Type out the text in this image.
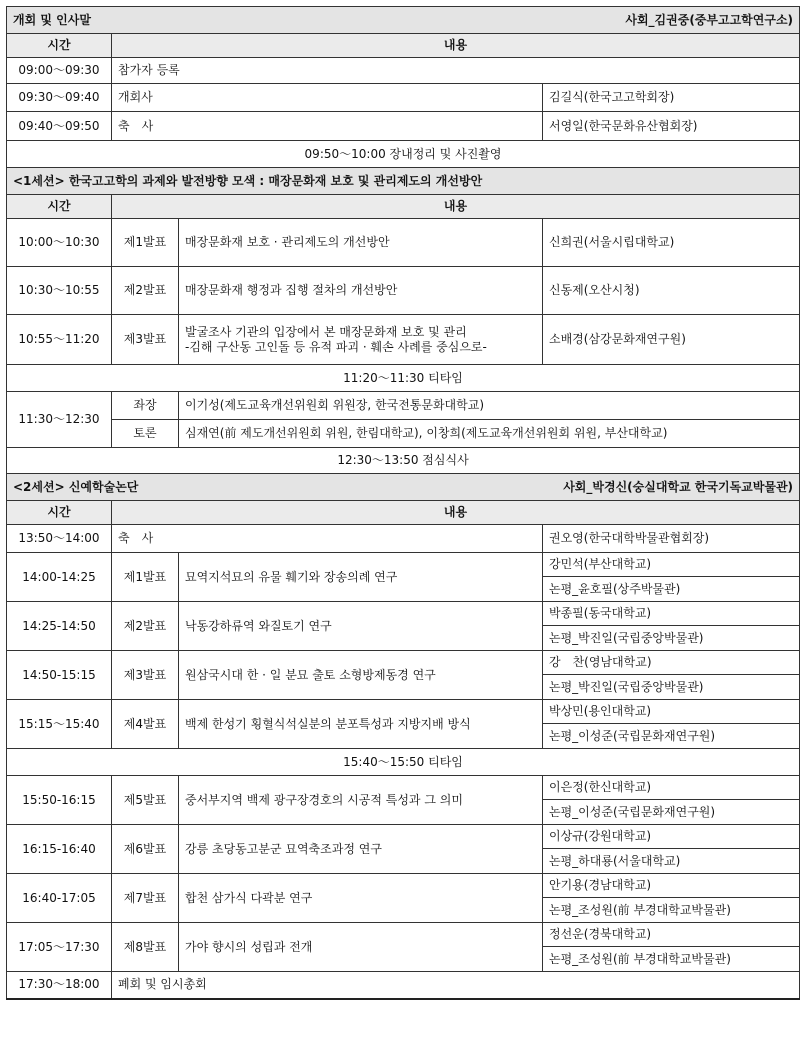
개회 및 인사말 사회_김권중(중부고고학연구소)			

시간	내용		
09:00～09:30	참가자 등록		
09:30～09:40	개회사		김길식(한국고고학회장)
09:40～09:50	축　사		서영일(한국문화유산협회장)
09:50～10:00 장내정리 및 사진촬영			
<1세션> 한국고고학의 과제와 발전방향 모색 : 매장문화재 보호 및 관리제도의 개선방안			
시간	내용		
10:00～10:30	제1발표	매장문화재 보호 · 관리제도의 개선방안	신희권(서울시립대학교)
10:30～10:55	제2발표	매장문화재 행정과 집행 절차의 개선방안	신동제(오산시청)
10:55～11:20	제3발표	발굴조사 기관의 입장에서 본 매장문화재 보호 및 관리
-김해 구산동 고인돌 등 유적 파괴 · 훼손 사례를 중심으로-	소배경(삼강문화재연구원)
11:20～11:30 티타임			
11:30～12:30	좌장	이기성(제도교육개선위원회 위원장, 한국전통문화대학교)	
	토론	심재연(前 제도개선위원회 위원, 한림대학교), 이창희(제도교육개선위원회 위원, 부산대학교)	
12:30～13:50 점심식사			
<2세션> 신예학술논단 사회_박경신(숭실대학교 한국기독교박물관)			

시간	내용		
13:50～14:00	축　사		권오영(한국대학박물관협회장)
14:00-14:25	제1발표	묘역지석묘의 유물 훼기와 장송의례 연구	강민석(부산대학교)
			논평_윤호필(상주박물관)
14:25-14:50	제2발표	낙동강하류역 와질토기 연구	박종필(동국대학교)
			논평_박진일(국립중앙박물관)
14:50-15:15	제3발표	원삼국시대 한 · 일 분묘 출토 소형방제동경 연구	강　찬(영남대학교)
			논평_박진일(국립중앙박물관)
15:15～15:40	제4발표	백제 한성기 횡혈식석실분의 분포특성과 지방지배 방식	박상민(용인대학교)
			논평_이성준(국립문화재연구원)
15:40～15:50 티타임			
15:50-16:15	제5발표	중서부지역 백제 광구장경호의 시공적 특성과 그 의미	이은정(한신대학교)
			논평_이성준(국립문화재연구원)
16:15-16:40	제6발표	강릉 초당동고분군 묘역축조과정 연구	이상규(강원대학교)
			논평_하대룡(서울대학교)
16:40-17:05	제7발표	합천 삼가식 다곽분 연구	안기용(경남대학교)
			논평_조성원(前 부경대학교박물관)
17:05～17:30	제8발표	가야 향시의 성립과 전개	정선운(경북대학교)
			논평_조성원(前 부경대학교박물관)
17:30～18:00	폐회 및 임시총회		
